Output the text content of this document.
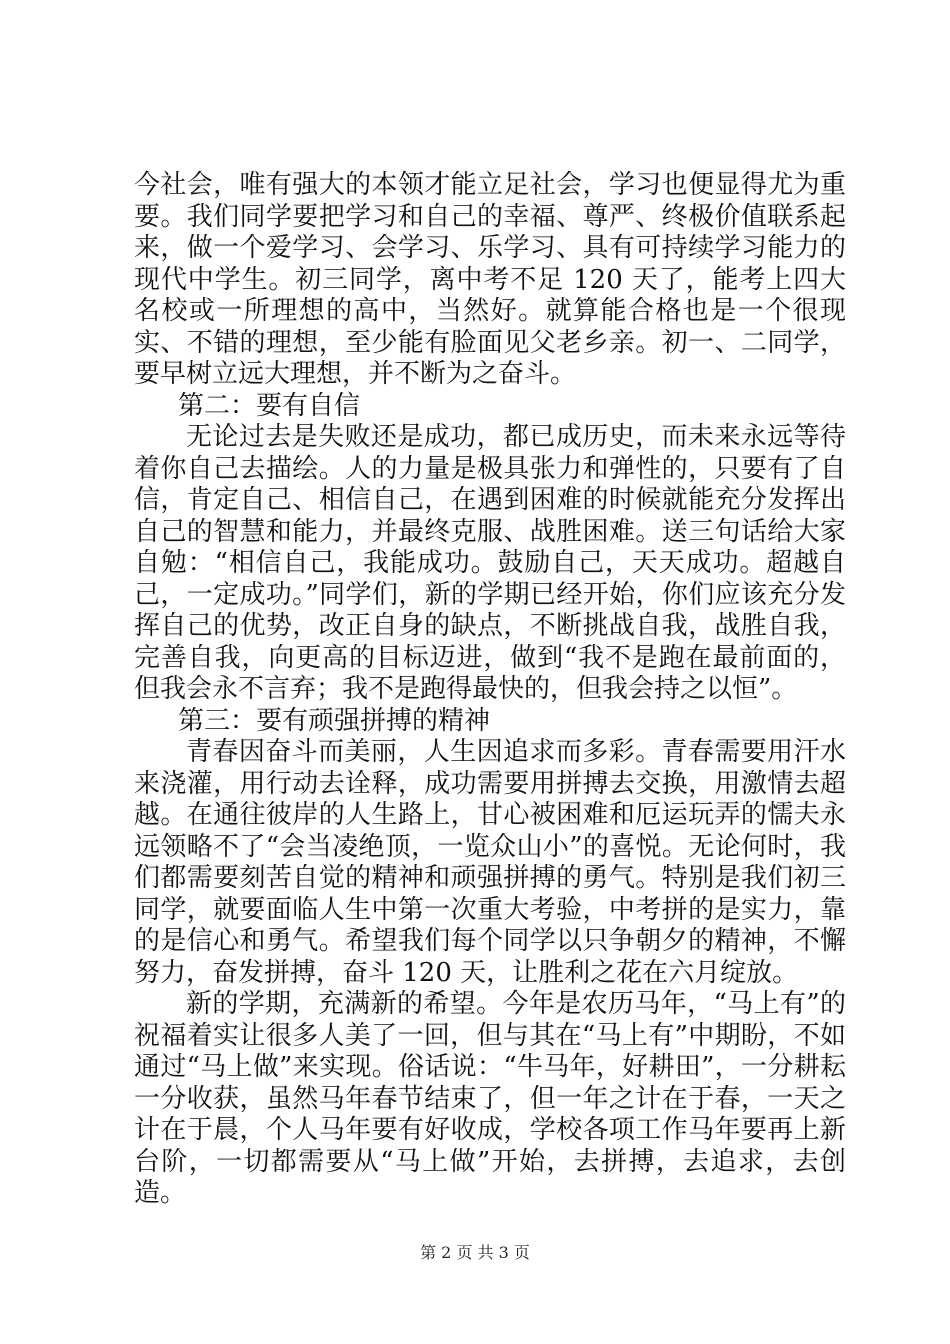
今社会，唯有强大的本领才能立足社会，学习也便显得尤为重要。我们同学要把学习和自己的幸福、尊严、终极价值联系起来，做一个爱学习、会学习、乐学习、具有可持续学习能力的现代中学生。初三同学，离中考不足 120 天了，能考上四大名校或一所理想的高中，当然好。就算能合格也是一个很现实、不错的理想，至少能有脸面见父老乡亲。初一、二同学，要早树立远大理想，并不断为之奋斗。

第二：要有自信

无论过去是失败还是成功，都已成历史，而未来永远等待着你自己去描绘。人的力量是极具张力和弹性的，只要有了自信，肯定自己、相信自己，在遇到困难的时候就能充分发挥出自己的智慧和能力，并最终克服、战胜困难。送三句话给大家自勉：“相信自己，我能成功。鼓励自己，天天成功。超越自己，一定成功。”同学们，新的学期已经开始，你们应该充分发挥自己的优势，改正自身的缺点，不断挑战自我，战胜自我，完善自我，向更高的目标迈进，做到“我不是跑在最前面的，但我会永不言弃；我不是跑得最快的，但我会持之以恒”。

第三：要有顽强拼搏的精神

青春因奋斗而美丽，人生因追求而多彩。青春需要用汗水来浇灌，用行动去诠释，成功需要用拼搏去交换，用激情去超越。在通往彼岸的人生路上，甘心被困难和厄运玩弄的懦夫永远领略不了“会当凌绝顶，一览众山小”的喜悦。无论何时，我们都需要刻苦自觉的精神和顽强拼搏的勇气。特别是我们初三同学，就要面临人生中第一次重大考验，中考拼的是实力，靠的是信心和勇气。希望我们每个同学以只争朝夕的精神，不懈努力，奋发拼搏，奋斗 120 天，让胜利之花在六月绽放。

新的学期，充满新的希望。今年是农历马年，“马上有”的祝福着实让很多人美了一回，但与其在“马上有”中期盼，不如通过“马上做”来实现。俗话说：“牛马年，好耕田”，一分耕耘一分收获，虽然马年春节结束了，但一年之计在于春，一天之计在于晨，个人马年要有好收成，学校各项工作马年要再上新台阶，一切都需要从“马上做”开始，去拼搏，去追求，去创造。

第 2 页 共 3 页
